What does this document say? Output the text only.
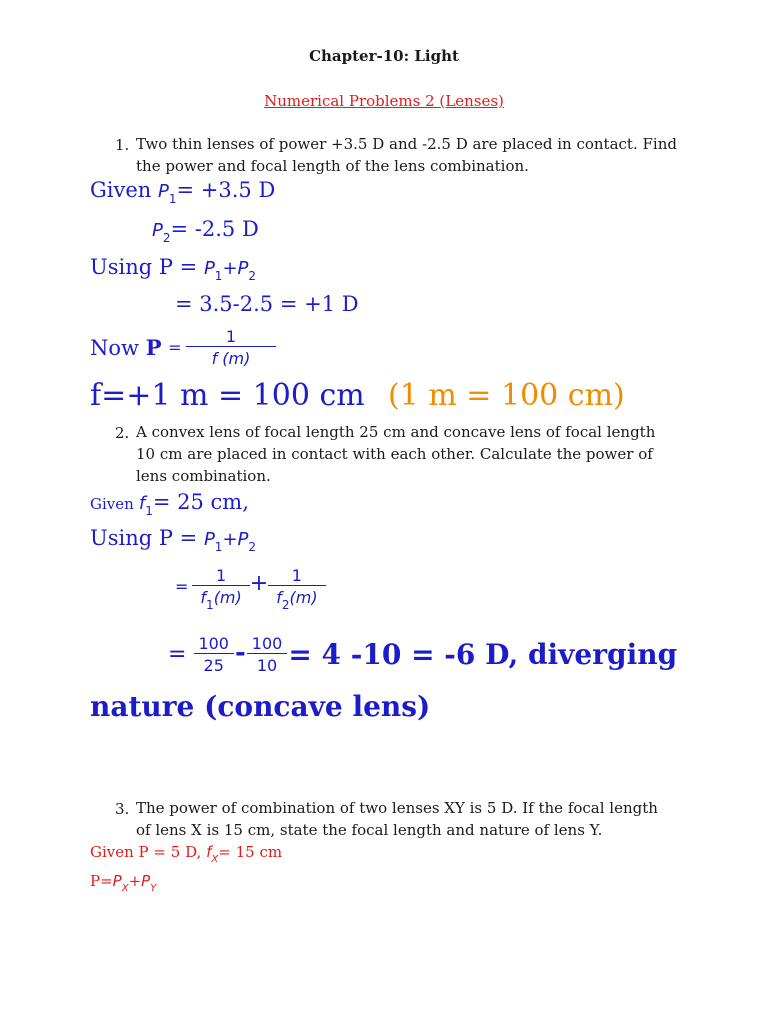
Chapter-10: Light
Numerical Problems 2 (Lenses)
1. Two thin lenses of power +3.5 D and -2.5 D are placed in contact. Find the power and focal length of the lens combination.
Given $P_1= +3.5$ D
$P_2= -2.5$ D
Using $P = P_1+P_2$
= 3.5-2.5 = +1 D
Now
P
= $\frac{1}{f (m)}$
f=+1 m = 100 cm (1 m = 100 cm)
2. A convex lens of focal length 25 cm and concave lens of focal length 10 cm are placed in contact with each other. Calculate the power of lens combination.
Given $f_1= 25$ cm,
Using $P = P_1+P_2$
= $\frac{1}{f_1(m)} + \frac{1}{f_2(m)}$
= $\frac{100}{25} - \frac{100}{10} = 4$ -10 = -6 D, diverging
nature (concave lens)
3. The power of combination of two lenses XY is 5 D. If the focal length of lens X is 15 cm, state the focal length and nature of lens Y.
Given P = 5 D, $f_X= 15$ cm
$P=P_X+P_Y$
